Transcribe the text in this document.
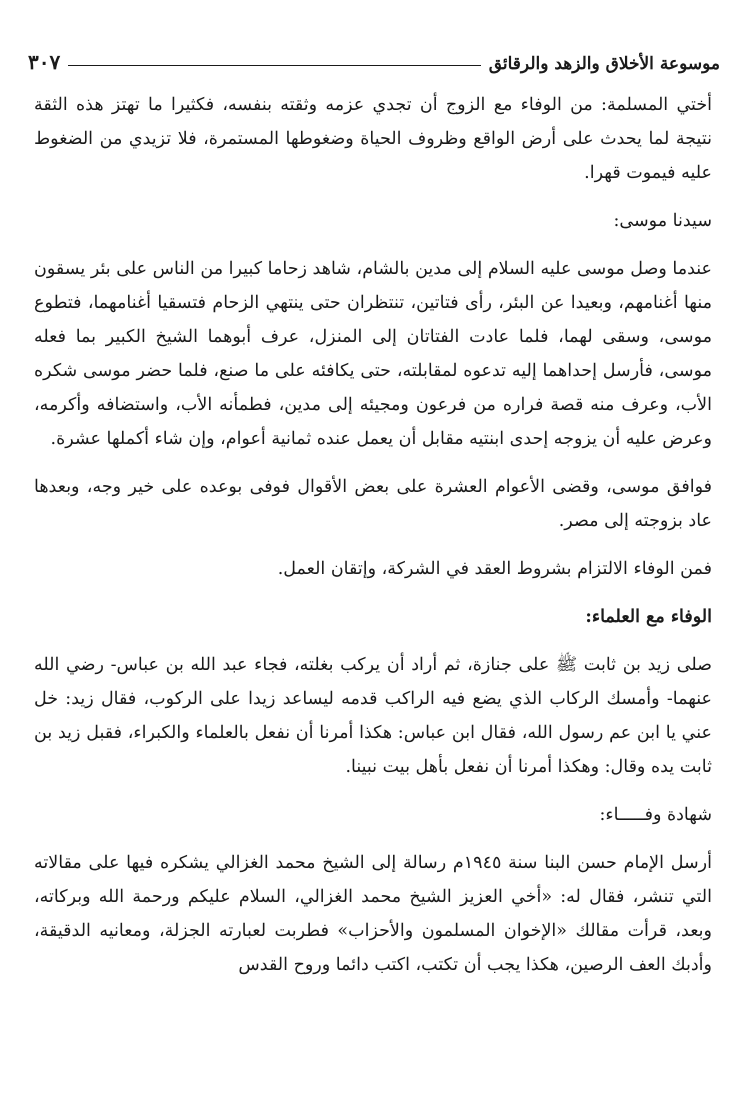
موسوعة الأخلاق والزهد والرقائق
٣٠٧

أختي المسلمة: من الوفاء مع الزوج أن تجدي عزمه وثقته بنفسه، فكثيرا ما تهتز هذه الثقة نتيجة لما يحدث على أرض الواقع وظروف الحياة وضغوطها المستمرة، فلا تزيدي من الضغوط عليه فيموت قهرا.

سيدنا موسى:

عندما وصل موسى عليه السلام إلى مدين بالشام، شاهد زحاما كبيرا من الناس على بئر يسقون منها أغنامهم، وبعيدا عن البئر، رأى فتاتين، تنتظران حتى ينتهي الزحام فتسقيا أغنامهما، فتطوع موسى، وسقى لهما، فلما عادت الفتاتان إلى المنزل، عرف أبوهما الشيخ الكبير بما فعله موسى، فأرسل إحداهما إليه تدعوه لمقابلته، حتى يكافئه على ما صنع، فلما حضر موسى شكره الأب، وعرف منه قصة فراره من فرعون ومجيئه إلى مدين، فطمأنه الأب، واستضافه وأكرمه، وعرض عليه أن يزوجه إحدى ابنتيه مقابل أن يعمل عنده ثمانية أعوام، وإن شاء أكملها عشرة.

فوافق موسى، وقضى الأعوام العشرة على بعض الأقوال فوفى بوعده على خير وجه، وبعدها عاد بزوجته إلى مصر.

فمن الوفاء الالتزام بشروط العقد في الشركة، وإتقان العمل.

الوفاء مع العلماء:

صلى زيد بن ثابت ﷺ على جنازة، ثم أراد أن يركب بغلته، فجاء عبد الله بن عباس- رضي الله عنهما- وأمسك الركاب الذي يضع فيه الراكب قدمه ليساعد زيدا على الركوب، فقال زيد: خل عني يا ابن عم رسول الله، فقال ابن عباس: هكذا أمرنا أن نفعل بالعلماء والكبراء، فقبل زيد بن ثابت يده وقال: وهكذا أمرنا أن نفعل بأهل بيت نبينا.

شهادة وفـــــاء:

أرسل الإمام حسن البنا سنة ١٩٤٥م رسالة إلى الشيخ محمد الغزالي يشكره فيها على مقالاته التي تنشر، فقال له: «أخي العزيز الشيخ محمد الغزالي، السلام عليكم ورحمة الله وبركاته، وبعد، قرأت مقالك «الإخوان المسلمون والأحزاب» فطربت لعبارته الجزلة، ومعانيه الدقيقة، وأدبك العف الرصين، هكذا يجب أن تكتب، اكتب دائما وروح القدس
